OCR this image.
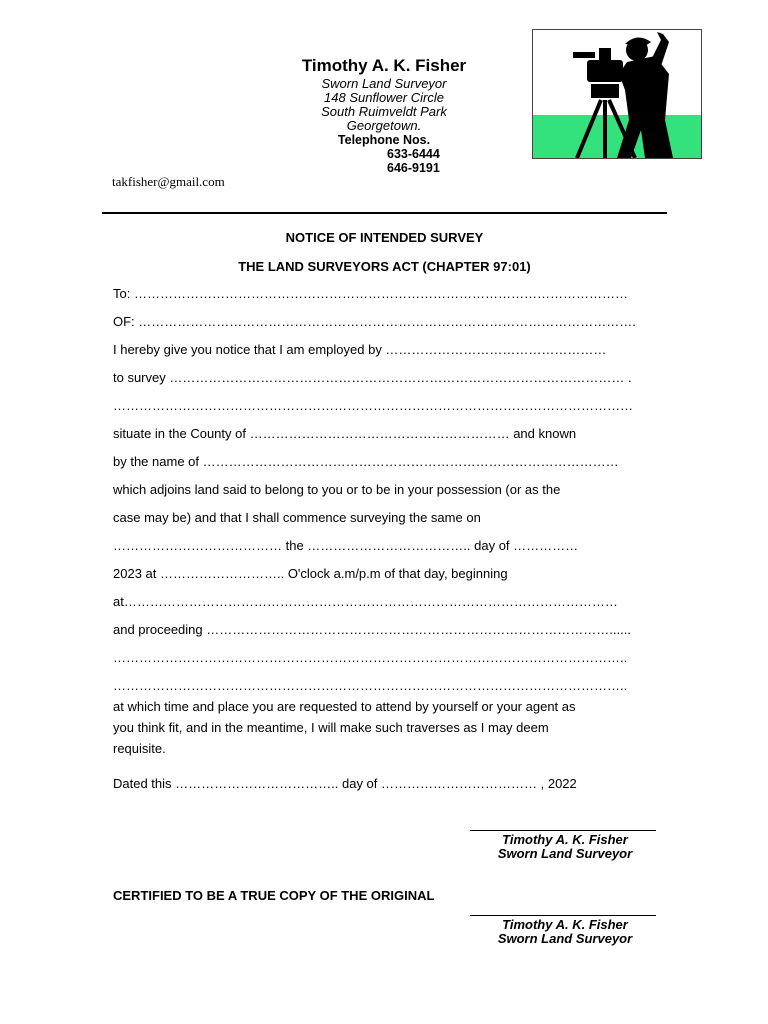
Timothy A. K. Fisher
Sworn Land Surveyor
148 Sunflower Circle
South Ruimveldt Park
Georgetown.
Telephone Nos.
633-6444
646-9191
takfisher@gmail.com
NOTICE OF INTENDED SURVEY
THE LAND SURVEYORS ACT (CHAPTER 97:01)
To: ……………………………………………………………………………………………………
OF: …………………………………………………………………………………………………….
I hereby give you notice that I am employed by ……………………………………………
to survey …………………………………………………………………………………………… .
…………………………………………………………………………………………………………
situate in the County of …………………………………………………… and known
by the name of ……………………………………………………………………………………
which adjoins land said to belong to you or to be in your possession (or as the
case may be) and that I shall commence surveying the same on
………………………………… the ……………………………….. day of ……………
2023 at ……………………….. O'clock a.m/p.m of that day, beginning
at……………………………………………………………………………………………………
and proceeding …………………………………………………………………………………......
………………………………………………………………………………………………………..
………………………………………………………………………………………………………..
at which time and place you are requested to attend by yourself or your agent as
you think fit, and in the meantime, I will make such traverses as I may deem
requisite.
Dated this ……………………………….. day of ……………………………… , 2022
Timothy A. K. Fisher
Sworn Land Surveyor
CERTIFIED TO BE A TRUE COPY OF THE ORIGINAL
Timothy A. K. Fisher
Sworn Land Surveyor
